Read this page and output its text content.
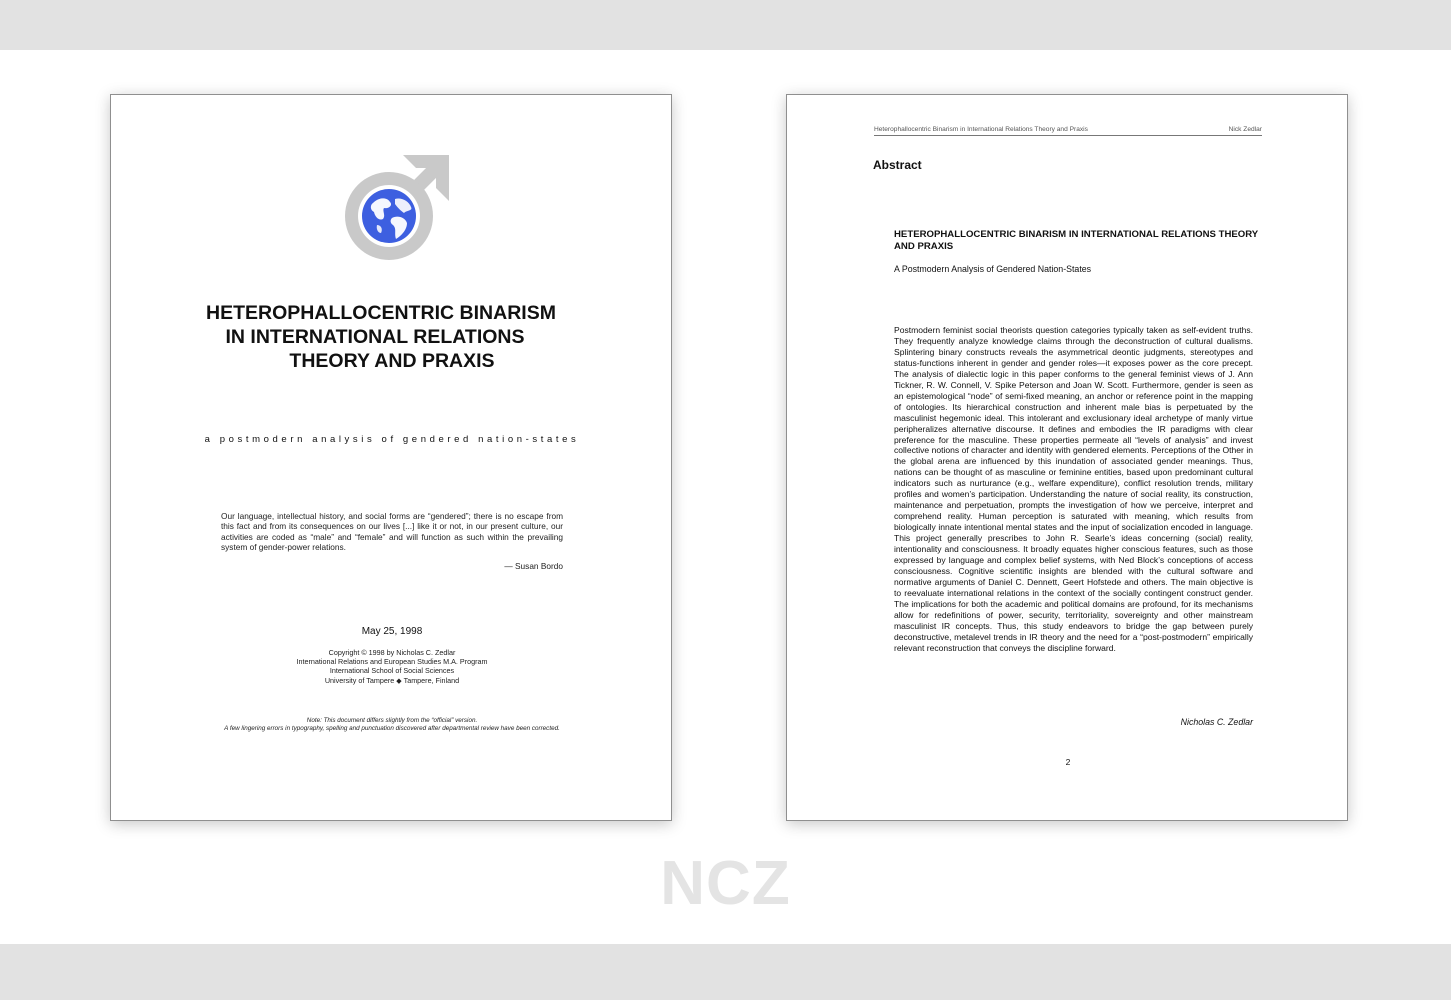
HETEROPHALLOCENTRIC BINARISM
IN INTERNATIONAL RELATIONS
THEORY AND PRAXIS
a postmodern analysis of gendered nation-states
Our language, intellectual history, and social forms are “gendered”; there is no escape from this fact and from its consequences on our lives [...] like it or not, in our present culture, our activities are coded as “male” and “female” and will function as such within the prevailing system of gender-power relations.
— Susan Bordo
May 25, 1998
Copyright © 1998 by Nicholas C. Zedlar
International Relations and European Studies M.A. Program
International School of Social Sciences
University of Tampere ◆ Tampere, Finland
Note: This document differs slightly from the “official” version.
A few lingering errors in typography, spelling and punctuation discovered after departmental review have been corrected.
Heterophallocentric Binarism in International Relations Theory and Praxis	Nick Zedlar
Abstract
HETEROPHALLOCENTRIC BINARISM IN INTERNATIONAL RELATIONS THEORY AND PRAXIS
A Postmodern Analysis of Gendered Nation-States
Postmodern feminist social theorists question categories typically taken as self-evident truths. They frequently analyze knowledge claims through the deconstruction of cultural dualisms. Splintering binary constructs reveals the asymmetrical deontic judgments, stereotypes and status-functions inherent in gender and gender roles—it exposes power as the core precept. The analysis of dialectic logic in this paper conforms to the general feminist views of J. Ann Tickner, R. W. Connell, V. Spike Peterson and Joan W. Scott. Furthermore, gender is seen as an epistemological “node” of semi-fixed meaning, an anchor or reference point in the mapping of ontologies. Its hierarchical construction and inherent male bias is perpetuated by the masculinist hegemonic ideal. This intolerant and exclusionary ideal archetype of manly virtue peripheralizes alternative discourse. It defines and embodies the IR paradigms with clear preference for the masculine. These properties permeate all “levels of analysis” and invest collective notions of character and identity with gendered elements. Perceptions of the Other in the global arena are influenced by this inundation of associated gender meanings. Thus, nations can be thought of as masculine or feminine entities, based upon predominant cultural indicators such as nurturance (e.g., welfare expenditure), conflict resolution trends, military profiles and women’s participation. Understanding the nature of social reality, its construction, maintenance and perpetuation, prompts the investigation of how we perceive, interpret and comprehend reality. Human perception is saturated with meaning, which results from biologically innate intentional mental states and the input of socialization encoded in language. This project generally prescribes to John R. Searle’s ideas concerning (social) reality, intentionality and consciousness. It broadly equates higher conscious features, such as those expressed by language and complex belief systems, with Ned Block’s conceptions of access consciousness. Cognitive scientific insights are blended with the cultural software and normative arguments of Daniel C. Dennett, Geert Hofstede and others. The main objective is to reevaluate international relations in the context of the socially contingent construct gender. The implications for both the academic and political domains are profound, for its mechanisms allow for redefinitions of power, security, territoriality, sovereignty and other mainstream masculinist IR concepts. Thus, this study endeavors to bridge the gap between purely deconstructive, metalevel trends in IR theory and the need for a “post-postmodern” empirically relevant reconstruction that conveys the discipline forward.
Nicholas C. Zedlar
2
NCZ
